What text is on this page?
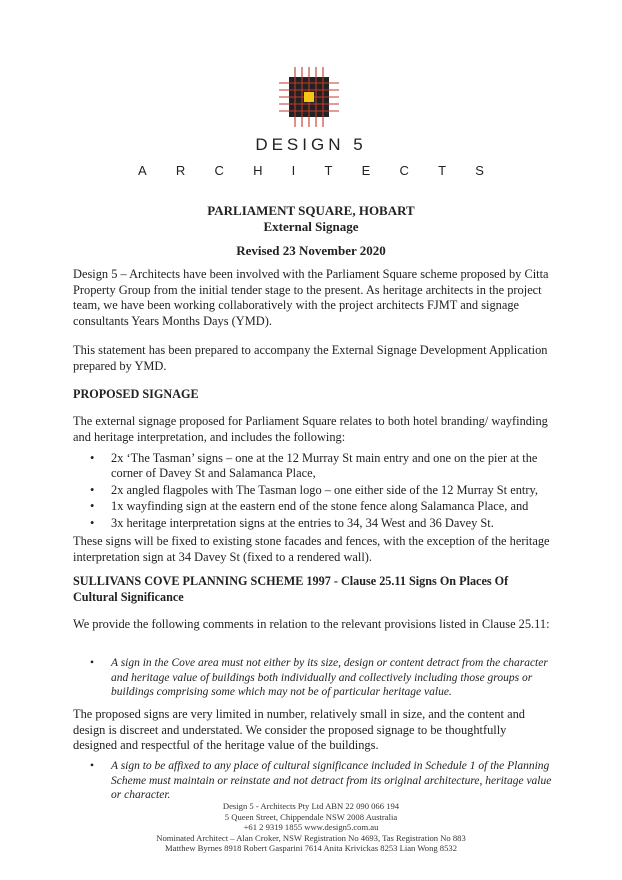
DESIGN 5
A R C H I T E C T S
PARLIAMENT SQUARE, HOBART
External Signage
Revised 23 November 2020
Design 5 – Architects have been involved with the Parliament Square scheme proposed by Citta Property Group from the initial tender stage to the present. As heritage architects in the project team, we have been working collaboratively with the project architects FJMT and signage consultants Years Months Days (YMD).
This statement has been prepared to accompany the External Signage Development Application prepared by YMD.
PROPOSED SIGNAGE
The external signage proposed for Parliament Square relates to both hotel branding/ wayfinding and heritage interpretation, and includes the following:
• 2x ‘The Tasman’ signs – one at the 12 Murray St main entry and one on the pier at the corner of Davey St and Salamanca Place,
• 2x angled flagpoles with The Tasman logo – one either side of the 12 Murray St entry,
• 1x wayfinding sign at the eastern end of the stone fence along Salamanca Place, and
• 3x heritage interpretation signs at the entries to 34, 34 West and 36 Davey St.
These signs will be fixed to existing stone facades and fences, with the exception of the heritage interpretation sign at 34 Davey St (fixed to a rendered wall).
SULLIVANS COVE PLANNING SCHEME 1997 - Clause 25.11 Signs On Places Of Cultural Significance
We provide the following comments in relation to the relevant provisions listed in Clause 25.11:
• A sign in the Cove area must not either by its size, design or content detract from the character and heritage value of buildings both individually and collectively including those groups or buildings comprising some which may not be of particular heritage value.
The proposed signs are very limited in number, relatively small in size, and the content and design is discreet and understated. We consider the proposed signage to be thoughtfully designed and respectful of the heritage value of the buildings.
• A sign to be affixed to any place of cultural significance included in Schedule 1 of the Planning Scheme must maintain or reinstate and not detract from its original architecture, heritage value or character.
Design 5 - Architects Pty Ltd ABN 22 090 066 194
5 Queen Street, Chippendale NSW 2008 Australia
+61 2 9319 1855 www.design5.com.au
Nominated Architect – Alan Croker, NSW Registration No 4693, Tas Registration No 883
Matthew Byrnes 8918 Robert Gasparini 7614 Anita Krivickas 8253 Lian Wong 8532
